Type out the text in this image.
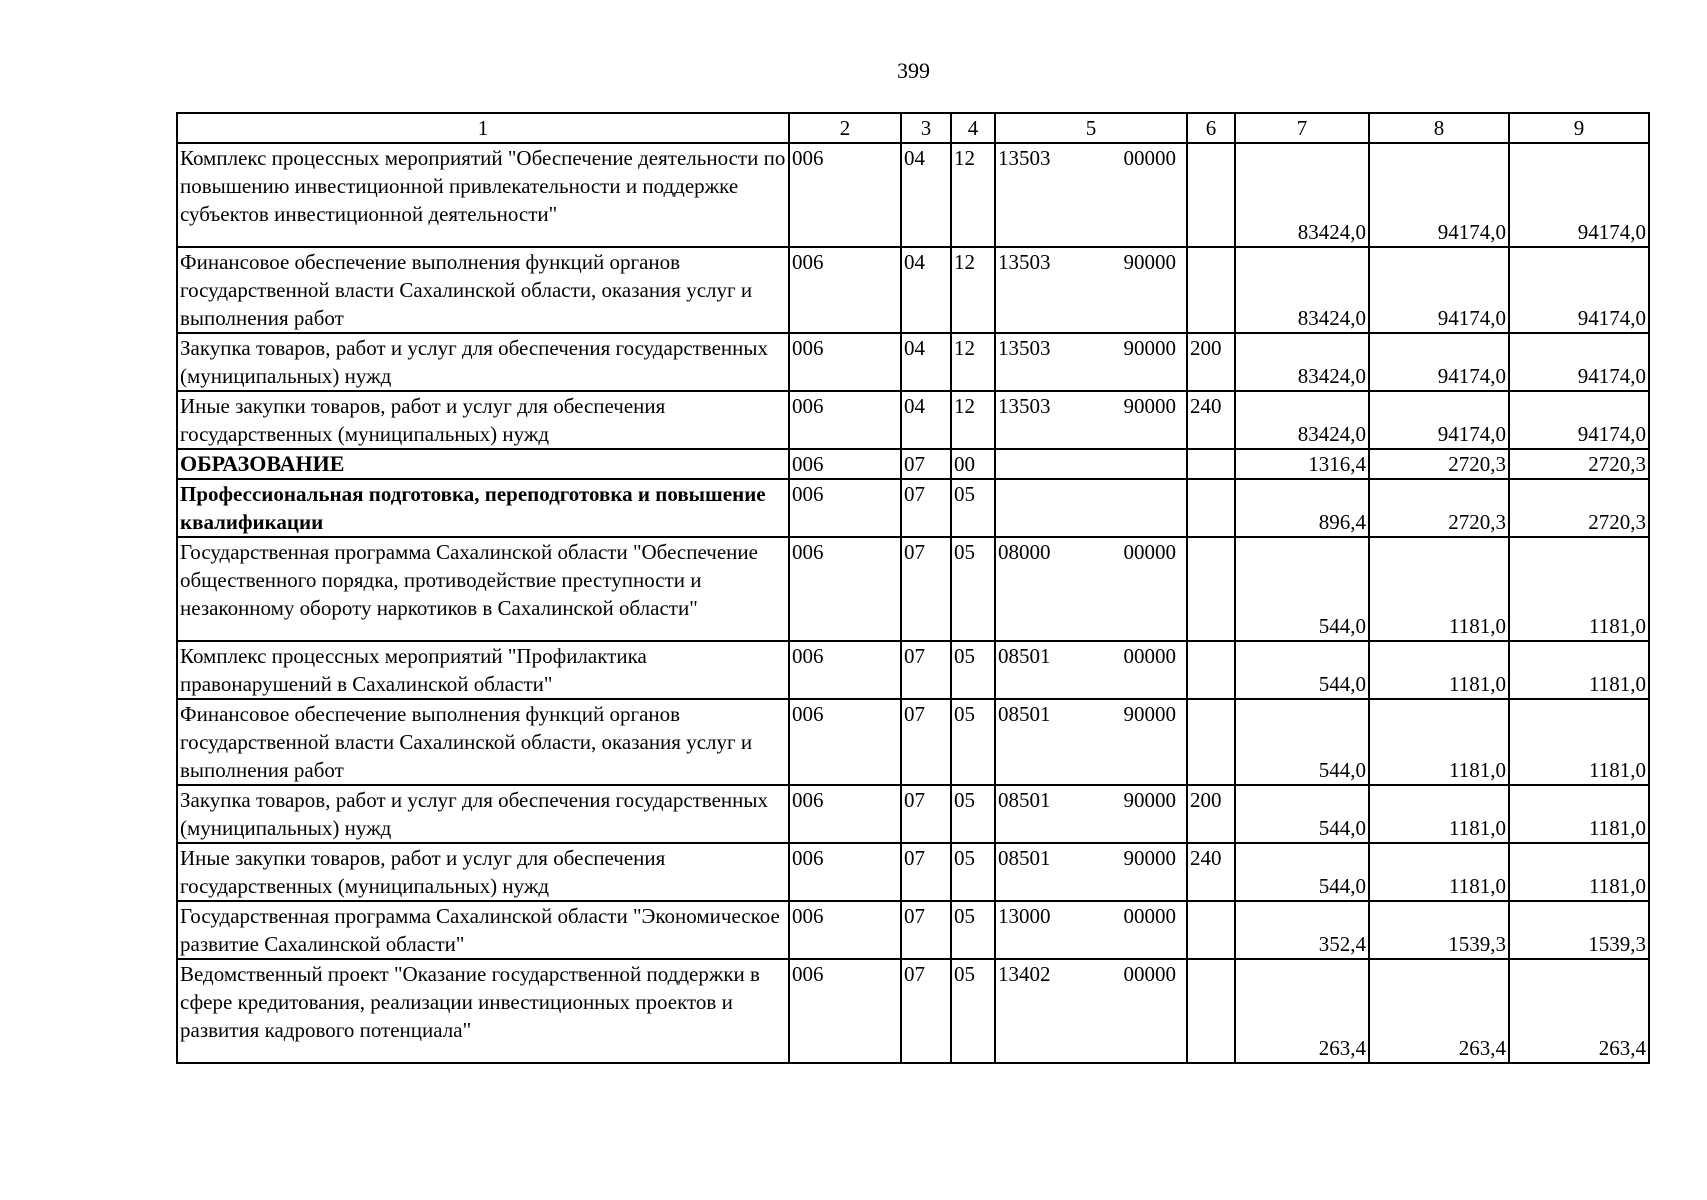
399
1	2	3	4	5	6	7	8	9
Комплекс процессных мероприятий "Обеспечение деятельности по повышению инвестиционной привлекательности и поддержке субъектов инвестиционной деятельности"	006	04	12	13503 00000		83424,0	94174,0	94174,0
Финансовое обеспечение выполнения функций органов государственной власти Сахалинской области, оказания услуг и выполнения работ	006	04	12	13503 90000		83424,0	94174,0	94174,0
Закупка товаров, работ и услуг для обеспечения государственных (муниципальных) нужд	006	04	12	13503 90000	200	83424,0	94174,0	94174,0
Иные закупки товаров, работ и услуг для обеспечения государственных (муниципальных) нужд	006	04	12	13503 90000	240	83424,0	94174,0	94174,0
ОБРАЗОВАНИЕ	006	07	00			1316,4	2720,3	2720,3
Профессиональная подготовка, переподготовка и повышение квалификации	006	07	05			896,4	2720,3	2720,3
Государственная программа Сахалинской области "Обеспечение общественного порядка, противодействие преступности и незаконному обороту наркотиков в Сахалинской области"	006	07	05	08000 00000		544,0	1181,0	1181,0
Комплекс процессных мероприятий "Профилактика правонарушений в Сахалинской области"	006	07	05	08501 00000		544,0	1181,0	1181,0
Финансовое обеспечение выполнения функций органов государственной власти Сахалинской области, оказания услуг и выполнения работ	006	07	05	08501 90000		544,0	1181,0	1181,0
Закупка товаров, работ и услуг для обеспечения государственных (муниципальных) нужд	006	07	05	08501 90000	200	544,0	1181,0	1181,0
Иные закупки товаров, работ и услуг для обеспечения государственных (муниципальных) нужд	006	07	05	08501 90000	240	544,0	1181,0	1181,0
Государственная программа Сахалинской области "Экономическое развитие Сахалинской области"	006	07	05	13000 00000		352,4	1539,3	1539,3
Ведомственный проект "Оказание государственной поддержки в сфере кредитования, реализации инвестиционных проектов и развития кадрового потенциала"	006	07	05	13402 00000		263,4	263,4	263,4
